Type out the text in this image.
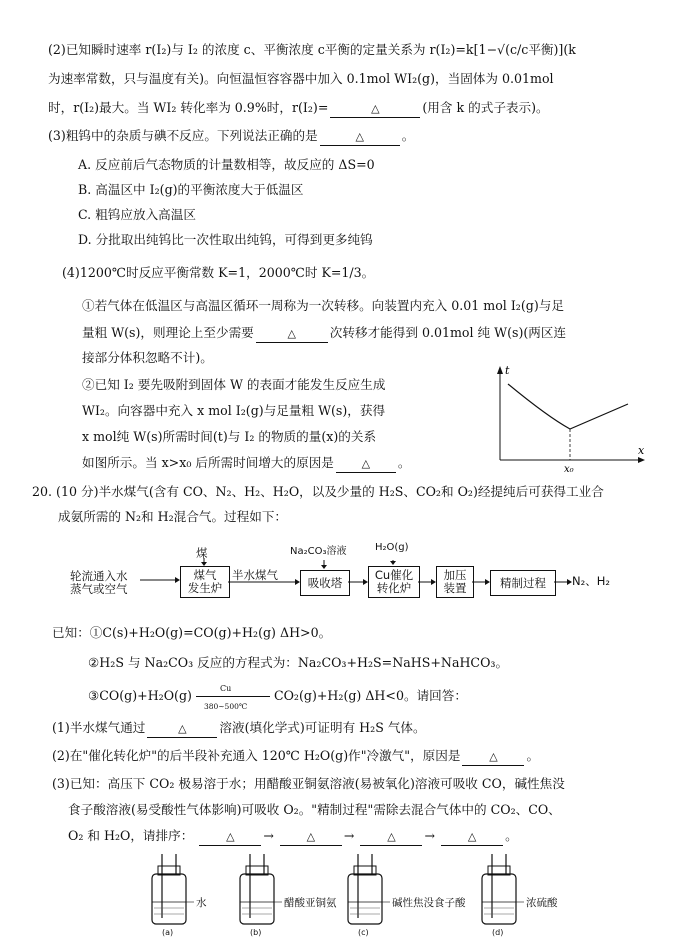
(2)已知瞬时速率 r(I₂)与 I₂ 的浓度 c、平衡浓度 c平衡的定量关系为 r(I₂)=k[1−√(c/c平衡)](k
为速率常数，只与温度有关)。向恒温恒容容器中加入 0.1mol WI₂(g)，当固体为 0.01mol
时，r(I₂)最大。当 WI₂ 转化率为 0.9%时，r(I₂)=	△	(用含 k 的式子表示)。
(3)粗钨中的杂质与碘不反应。下列说法正确的是	△	。
A. 反应前后气态物质的计量数相等，故反应的 ΔS=0
B. 高温区中 I₂(g)的平衡浓度大于低温区
C. 粗钨应放入高温区
D. 分批取出纯钨比一次性取出纯钨，可得到更多纯钨
(4)1200℃时反应平衡常数 K=1，2000℃时 K=1/3。
①若气体在低温区与高温区循环一周称为一次转移。向装置内充入 0.01 mol I₂(g)与足
量粗 W(s)，则理论上至少需要	△	次转移才能得到 0.01mol 纯 W(s)(两区连
接部分体积忽略不计)。
②已知 I₂ 要先吸附到固体 W 的表面才能发生反应生成
WI₂。向容器中充入 x mol I₂(g)与足量粗 W(s)，获得
x mol纯 W(s)所需时间(t)与 I₂ 的物质的量(x)的关系
如图所示。当 x>x₀ 后所需时间增大的原因是	△ 。
t
x
x₀
20. (10 分)半水煤气(含有 CO、N₂、H₂、H₂O，以及少量的 H₂S、CO₂和 O₂)经提纯后可获得工业合
成氨所需的 N₂和 H₂混合气。过程如下：
轮流通入水
蒸气或空气
煤
煤气
发生炉
半水煤气
吸收塔
Na₂CO₃溶液	H₂O(g)
Cu催化
转化炉
加压
装置	精制过程	N₂、H₂
已知：①C(s)+H₂O(g)=CO(g)+H₂(g) ΔH>0。
②H₂S 与 Na₂CO₃ 反应的方程式为：Na₂CO₃+H₂S=NaHS+NaHCO₃。
③CO(g)+H₂O(g) $\frac{Cu}{380\sim 500℃} CO_2(g)+H_2(g)$ ΔH<0。请回答：
(1)半水煤气通过	△	溶液(填化学式)可证明有 H₂S 气体。
(2)在"催化转化炉"的后半段补充通入 120℃ H₂O(g)作"冷激气"，原因是	△ 。
(3)已知：高压下 CO₂ 极易溶于水；用醋酸亚铜氨溶液(易被氧化)溶液可吸收 CO，碱性焦没
食子酸溶液(易受酸性气体影响)可吸收 O₂。"精制过程"需除去混合气体中的 CO₂、CO、
O₂ 和 H₂O，请排序：	△ →	△ →	△ →	△ 。
水
(a)
醋酸亚铜氨
(b)
碱性焦没食子酸
(c)
浓硫酸
(d)
